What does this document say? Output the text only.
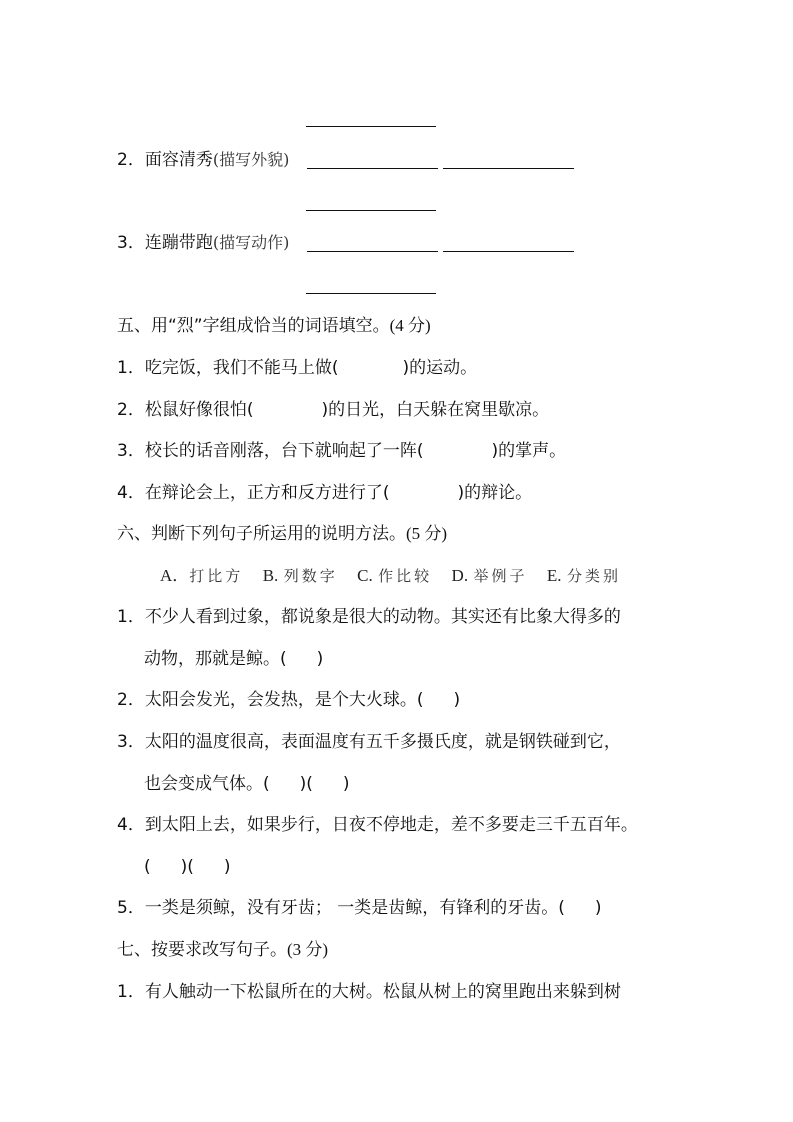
2．面容清秀(描写外貌)
3．连蹦带跑(描写动作)
五、用“烈”字组成恰当的词语填空。(4 分)
1．吃完饭，我们不能马上做(	)的运动。
2．松鼠好像很怕(	)的日光，白天躲在窝里歇凉。
3．校长的话音刚落，台下就响起了一阵(	)的掌声。
4．在辩论会上，正方和反方进行了(	)的辩论。
六、判断下列句子所运用的说明方法。(5 分)
A．打比方 B. 列数字 C. 作比较 D. 举例子 E. 分类别
1．不少人看到过象，都说象是很大的动物。其实还有比象大得多的
动物，那就是鲸。( )
2．太阳会发光，会发热，是个大火球。( )
3．太阳的温度很高，表面温度有五千多摄氏度，就是钢铁碰到它，
也会变成气体。( )( )
4．到太阳上去，如果步行，日夜不停地走，差不多要走三千五百年。
( )( )
5．一类是须鲸，没有牙齿； 一类是齿鲸，有锋利的牙齿。( )
七、按要求改写句子。(3 分)
1．有人触动一下松鼠所在的大树。松鼠从树上的窝里跑出来躲到树
